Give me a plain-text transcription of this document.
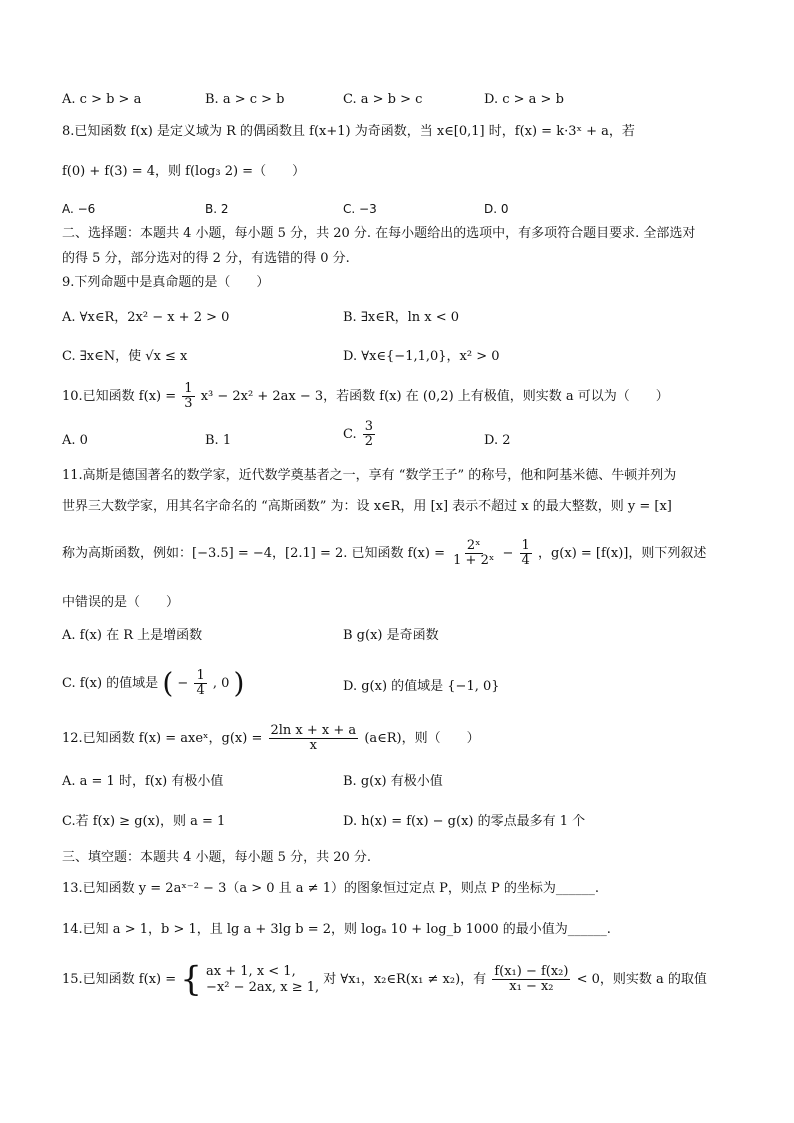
A. c > b > a	B. a > c > b	C. a > b > c	D. c > a > b
8.已知函数 f(x) 是定义域为 R 的偶函数且 f(x+1) 为奇函数，当 x∈[0,1] 时，f(x) = k·3ˣ + a，若
f(0) + f(3) = 4，则 f(log₃ 2) =（　　）
A. −6	B. 2	C. −3	D. 0
二、选择题：本题共 4 小题，每小题 5 分，共 20 分. 在每小题给出的选项中，有多项符合题目要求. 全部选对
的得 5 分，部分选对的得 2 分，有选错的得 0 分.
9.下列命题中是真命题的是（　　）
A. ∀x∈R，2x² − x + 2 > 0	B. ∃x∈R，ln x < 0
C. ∃x∈N，使 √x ≤ x	D. ∀x∈{−1,1,0}，x² > 0
10.已知函数 $f(x) = \frac{1}{3} x^3 - 2x^2 + 2ax - 3$，若函数 f(x) 在 (0,2) 上有极值，则实数 a 可以为（　　）
A. 0	B. 1	C. $\frac{3}{2}$	D. 2
11.高斯是德国著名的数学家，近代数学奠基者之一，享有 “数学王子” 的称号，他和阿基米德、牛顿并列为
世界三大数学家，用其名字命名的 “高斯函数” 为：设 x∈R，用 [x] 表示不超过 x 的最大整数，则 y = [x]
称为高斯函数，例如：[−3.5] = −4，[2.1] = 2. 已知函数 $f(x) = \frac{\text{2ˣ}}{\text{1 + 2ˣ}} - \frac{1}{4}$ ，g(x) = [f(x)]，则下列叙述
中错误的是（　　）
A. f(x) 在 R 上是增函数	B g(x) 是奇函数
C. f(x) 的值域是 ( − $\frac{1}{4}$ , 0 )	D. g(x) 的值域是 {−1, 0}
12.已知函数 f(x) = axeˣ，$g(x) = \frac{\text{2ln x + x + a}}{x}$ (a∈R)，则（　　）
A. a = 1 时，f(x) 有极小值	B. g(x) 有极小值
C.若 f(x) ≥ g(x)，则 a = 1	D. h(x) = f(x) − g(x) 的零点最多有 1 个
三、填空题：本题共 4 小题，每小题 5 分，共 20 分.
13.已知函数 y = 2aˣ⁻² − 3（a > 0 且 a ≠ 1）的图象恒过定点 P，则点 P 的坐标为______.
14.已知 a > 1，b > 1，且 lg a + 3lg b = 2，则 logₐ 10 + log_b 1000 的最小值为______.
15.已知函数 f(x) = { ax + 1, x < 1,
−x² − 2ax, x ≥ 1, 对 ∀x₁，x₂∈R(x₁ ≠ x₂)，有 $\frac{\text{f(x₁) − f(x₂)}}{\text{x₁ − x₂}} < 0$，则实数 a 的取值
